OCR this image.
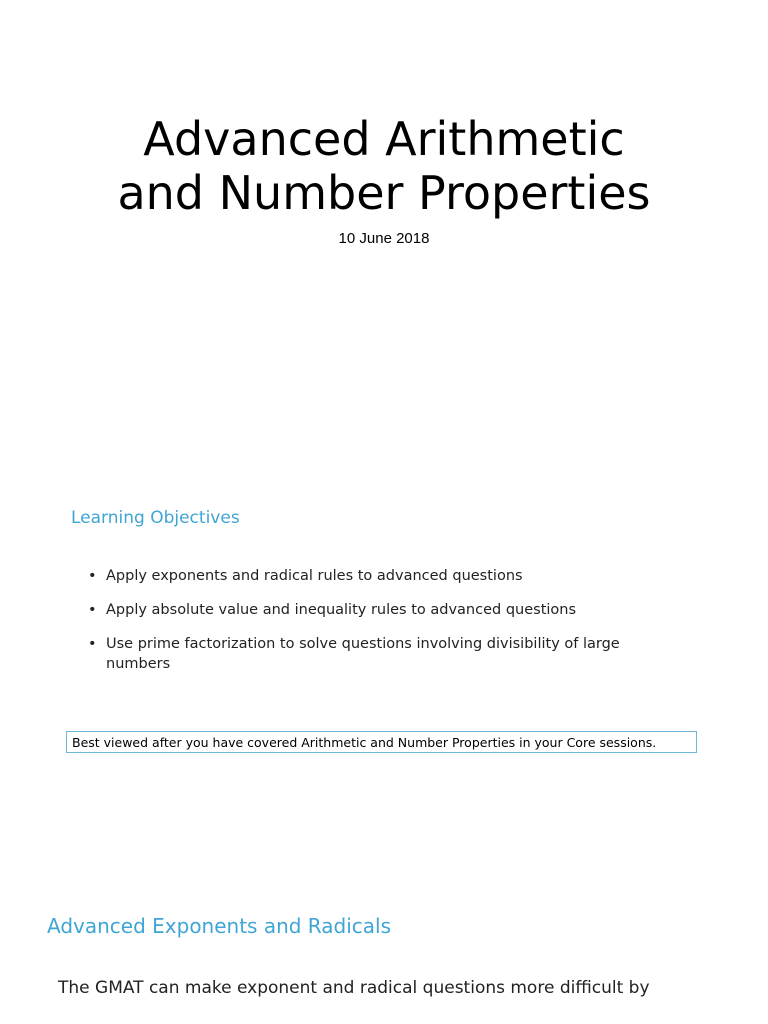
Advanced Arithmetic
and Number Properties
10 June 2018
Learning Objectives
• Apply exponents and radical rules to advanced questions
• Apply absolute value and inequality rules to advanced questions
• Use prime factorization to solve questions involving divisibility of large numbers
Best viewed after you have covered Arithmetic and Number Properties in your Core sessions.
Advanced Exponents and Radicals
The GMAT can make exponent and radical questions more difficult by
